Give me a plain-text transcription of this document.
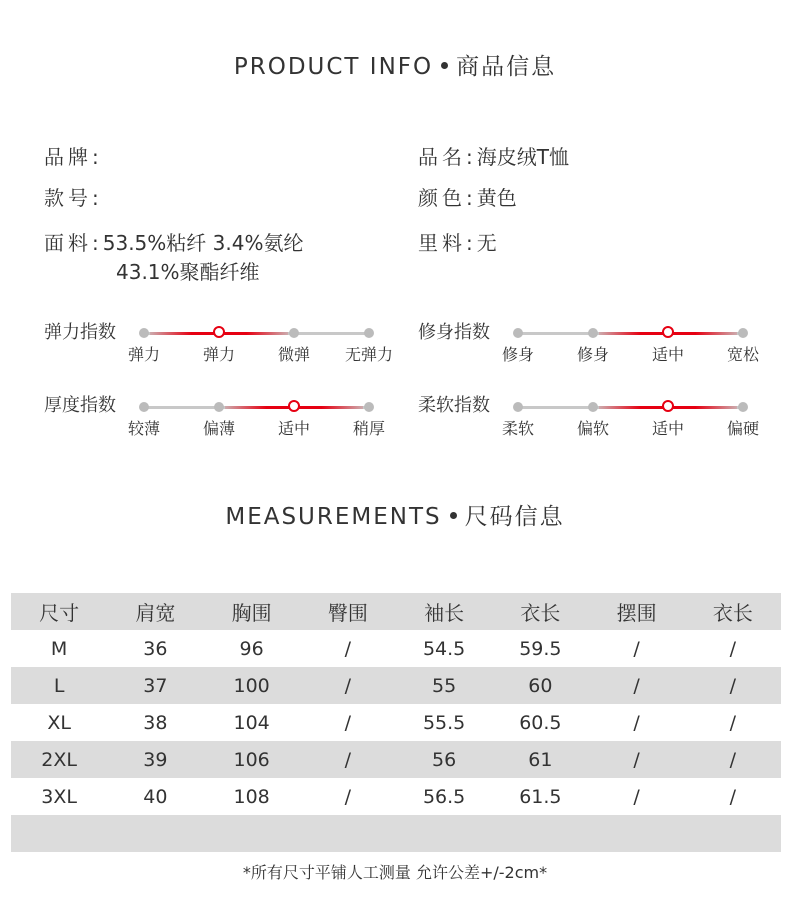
PRODUCT INFO 商品信息
品牌:
款号:
面料:53.5%粘纤 3.4%氨纶
43.1%聚酯纤维
品名:海皮绒T恤
颜色:黄色
里料:无
弹力指数
弹力	弹力	微弹 无弹力
修身指数
修身	修身	适中	宽松
厚度指数
较薄	偏薄	适中	稍厚
柔软指数
柔软	偏软	适中	偏硬
MEASUREMENTS 尺码信息
尺寸	肩宽	胸围	臀围	袖长	衣长	摆围	衣长
M	36	96	/	54.5	59.5	/	/
L	37	100	/	55	60	/	/
XL	38	104	/	55.5	60.5	/	/
2XL	39	106	/	56	61	/	/
3XL	40	108	/	56.5	61.5	/	/

*所有尺寸平铺人工测量 允许公差+/-2cm*
